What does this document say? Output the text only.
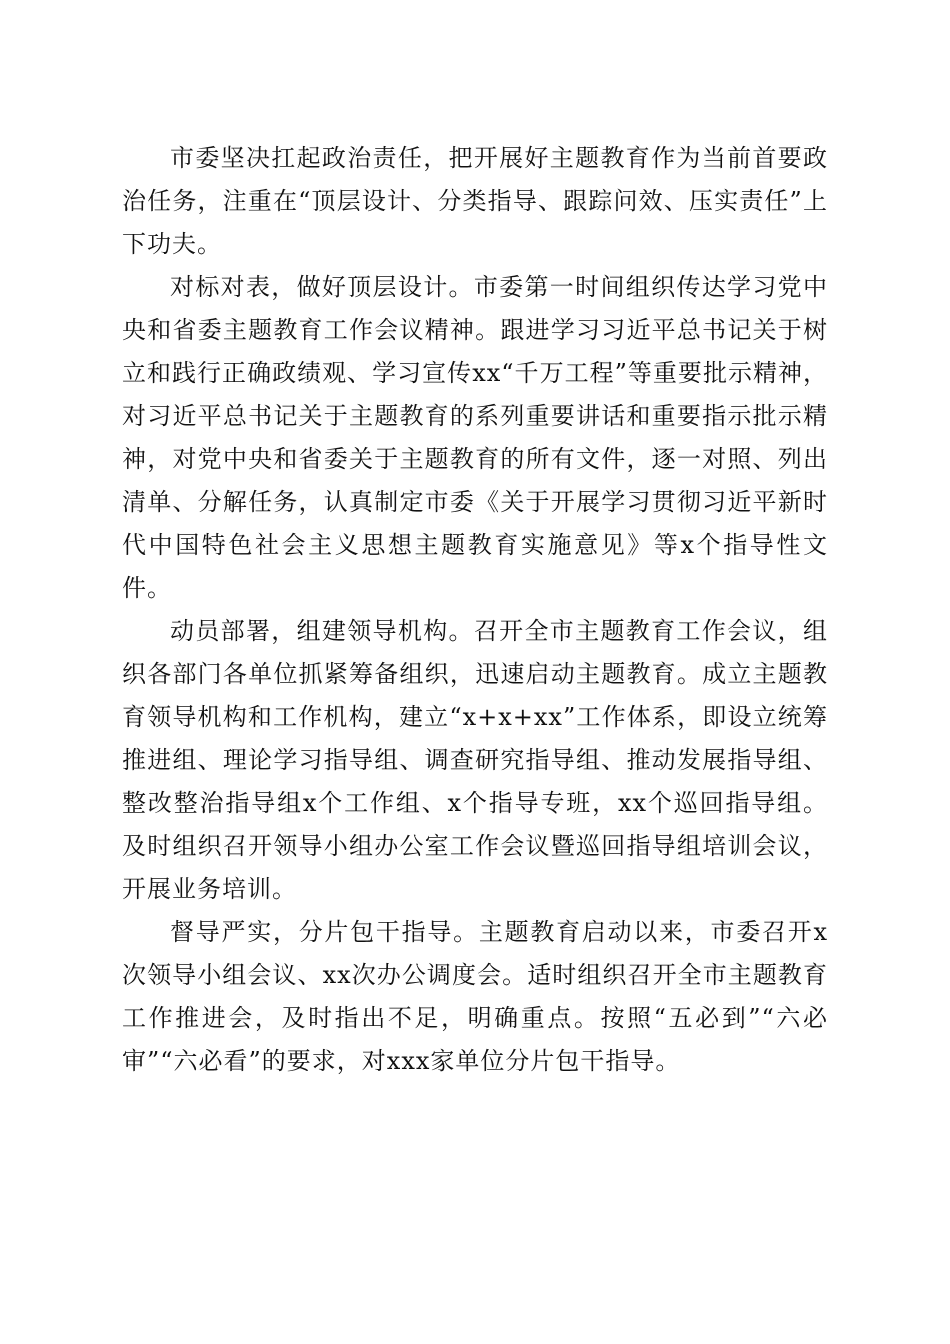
市委坚决扛起政治责任，把开展好主题教育作为当前首要政治任务，注重在“顶层设计、分类指导、跟踪问效、压实责任”上下功夫。

对标对表，做好顶层设计。市委第一时间组织传达学习党中央和省委主题教育工作会议精神。跟进学习习近平总书记关于树立和践行正确政绩观、学习宣传xx“千万工程”等重要批示精神，对习近平总书记关于主题教育的系列重要讲话和重要指示批示精神，对党中央和省委关于主题教育的所有文件，逐一对照、列出清单、分解任务，认真制定市委《关于开展学习贯彻习近平新时代中国特色社会主义思想主题教育实施意见》等x个指导性文件。

动员部署，组建领导机构。召开全市主题教育工作会议，组织各部门各单位抓紧筹备组织，迅速启动主题教育。成立主题教育领导机构和工作机构，建立“x+x+xx”工作体系，即设立统筹推进组、理论学习指导组、调查研究指导组、推动发展指导组、整改整治指导组x个工作组、x个指导专班，xx个巡回指导组。及时组织召开领导小组办公室工作会议暨巡回指导组培训会议，开展业务培训。

督导严实，分片包干指导。主题教育启动以来，市委召开x次领导小组会议、xx次办公调度会。适时组织召开全市主题教育工作推进会，及时指出不足，明确重点。按照“五必到”“六必审”“六必看”的要求，对xxx家单位分片包干指导。
